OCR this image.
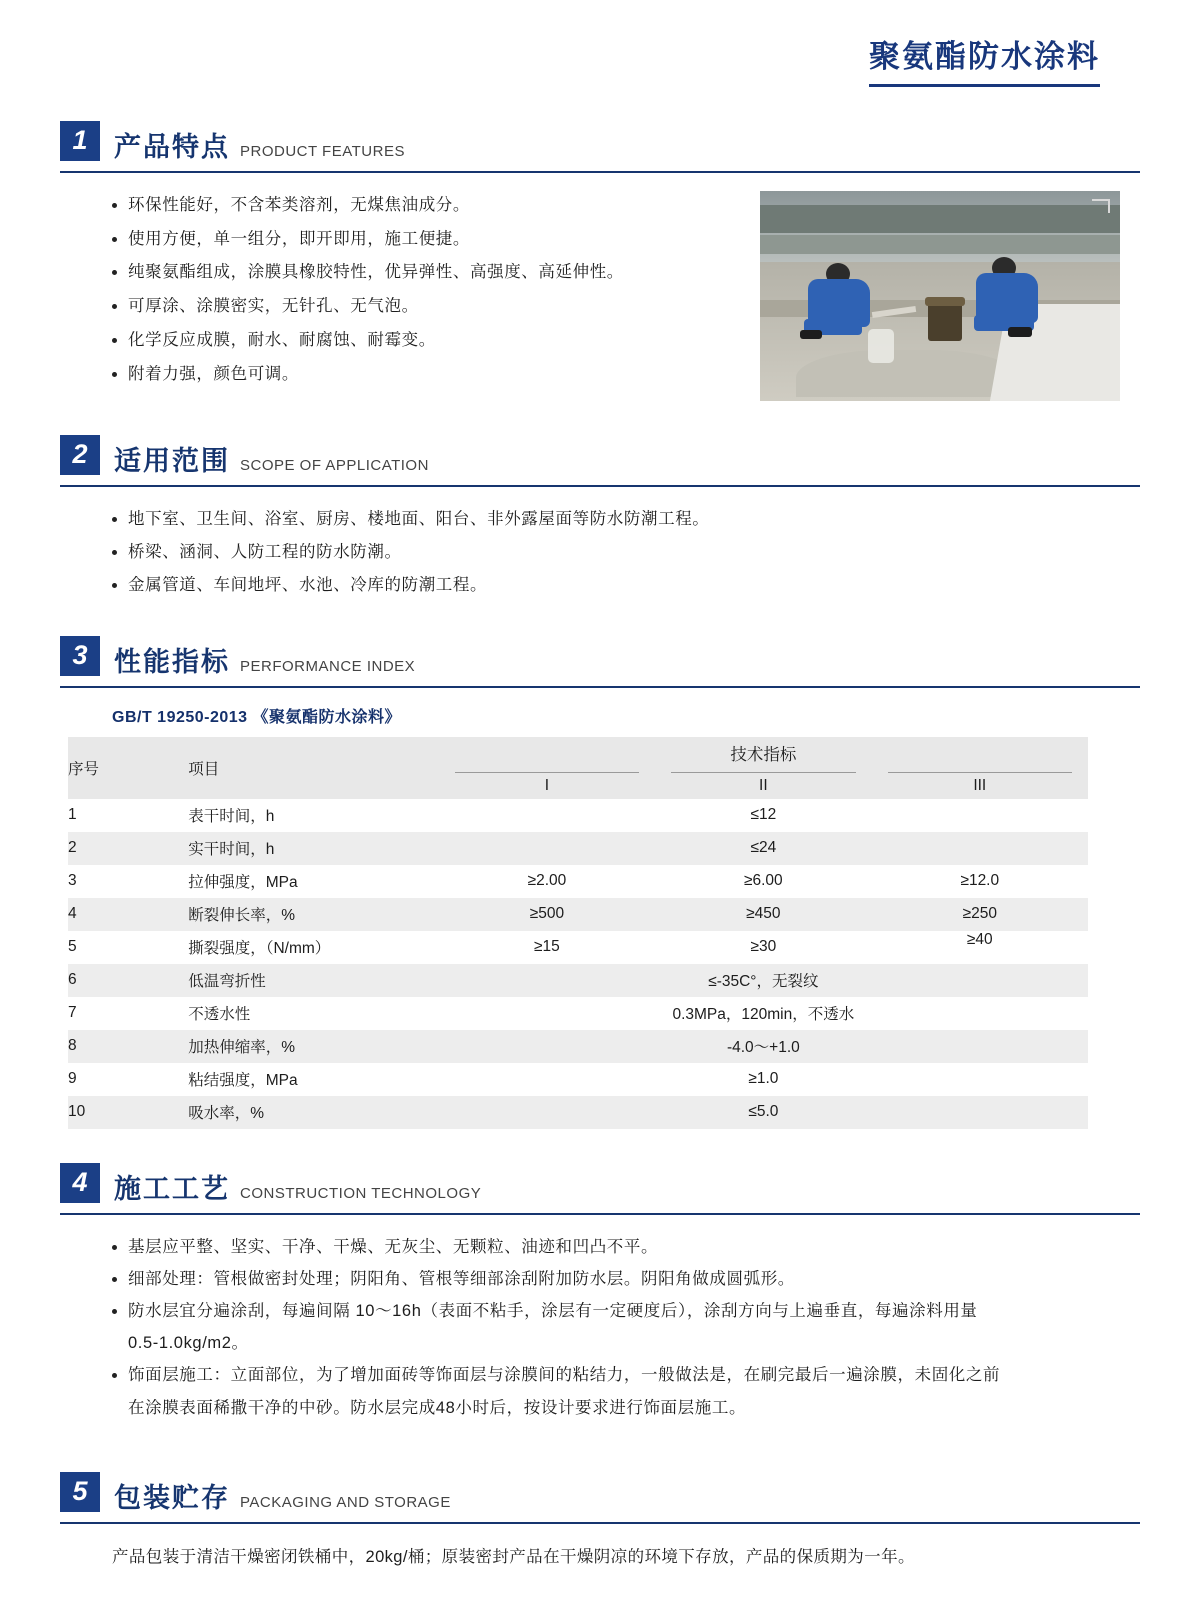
聚氨酯防水涂料
1 产品特点 PRODUCT FEATURES
环保性能好，不含苯类溶剂，无煤焦油成分。
使用方便，单一组分，即开即用，施工便捷。
纯聚氨酯组成，涂膜具橡胶特性，优异弹性、高强度、高延伸性。
可厚涂、涂膜密实，无针孔、无气泡。
化学反应成膜，耐水、耐腐蚀、耐霉变。
附着力强，颜色可调。
2 适用范围 SCOPE OF APPLICATION
地下室、卫生间、浴室、厨房、楼地面、阳台、非外露屋面等防水防潮工程。
桥梁、涵洞、人防工程的防水防潮。
金属管道、车间地坪、水池、冷库的防潮工程。
3 性能指标 PERFORMANCE INDEX
GB/T 19250-2013 《聚氨酯防水涂料》
序号	项目	技术指标		

		I	II	III

1	表干时间，h	≤12		
2	实干时间，h	≤24		
3	拉伸强度，MPa	≥2.00	≥6.00	≥12.0
4	断裂伸长率，%	≥500	≥450	≥250
5	撕裂强度，（N/mm）	≥15	≥30	≥40
6	低温弯折性	≤-35C°，无裂纹		
7	不透水性	0.3MPa，120min，不透水		
8	加热伸缩率，%	-4.0～+1.0		
9	粘结强度，MPa	≥1.0		
10	吸水率，%	≤5.0		
4 施工工艺 CONSTRUCTION TECHNOLOGY
基层应平整、坚实、干净、干燥、无灰尘、无颗粒、油迹和凹凸不平。
细部处理：管根做密封处理；阴阳角、管根等细部涂刮附加防水层。阴阳角做成圆弧形。
防水层宜分遍涂刮，每遍间隔 10～16h（表面不粘手，涂层有一定硬度后），涂刮方向与上遍垂直，每遍涂料用量
0.5-1.0kg/m2。
饰面层施工：立面部位，为了增加面砖等饰面层与涂膜间的粘结力，一般做法是，在刷完最后一遍涂膜，未固化之前
在涂膜表面稀撒干净的中砂。防水层完成48小时后，按设计要求进行饰面层施工。
5 包装贮存 PACKAGING AND STORAGE
产品包装于清洁干燥密闭铁桶中，20kg/桶；原装密封产品在干燥阴凉的环境下存放，产品的保质期为一年。
